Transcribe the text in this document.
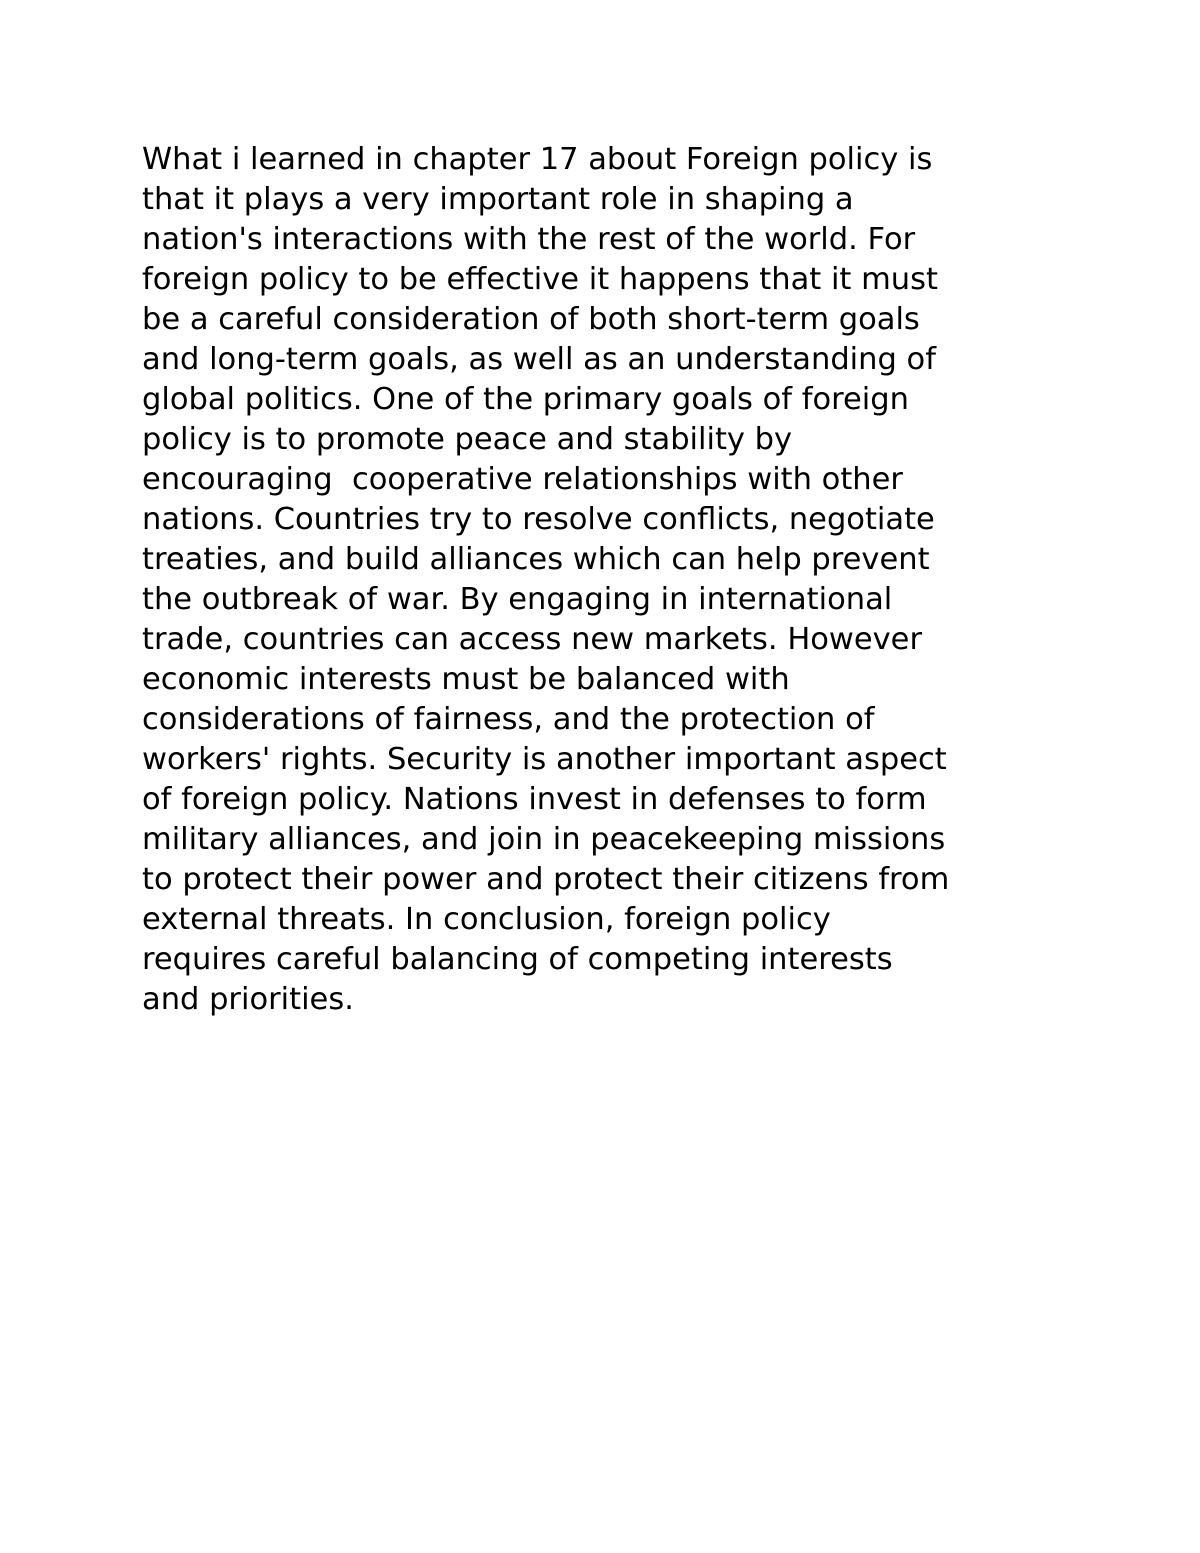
What i learned in chapter 17 about Foreign policy is
that it plays a very important role in shaping a
nation's interactions with the rest of the world. For
foreign policy to be effective it happens that it must
be a careful consideration of both short-term goals
and long-term goals, as well as an understanding of
global politics. One of the primary goals of foreign
policy is to promote peace and stability by
encouraging  cooperative relationships with other
nations. Countries try to resolve conflicts, negotiate
treaties, and build alliances which can help prevent
the outbreak of war. By engaging in international
trade, countries can access new markets. However
economic interests must be balanced with
considerations of fairness, and the protection of
workers' rights. Security is another important aspect
of foreign policy. Nations invest in defenses to form
military alliances, and join in peacekeeping missions
to protect their power and protect their citizens from
external threats. In conclusion, foreign policy
requires careful balancing of competing interests
and priorities.
